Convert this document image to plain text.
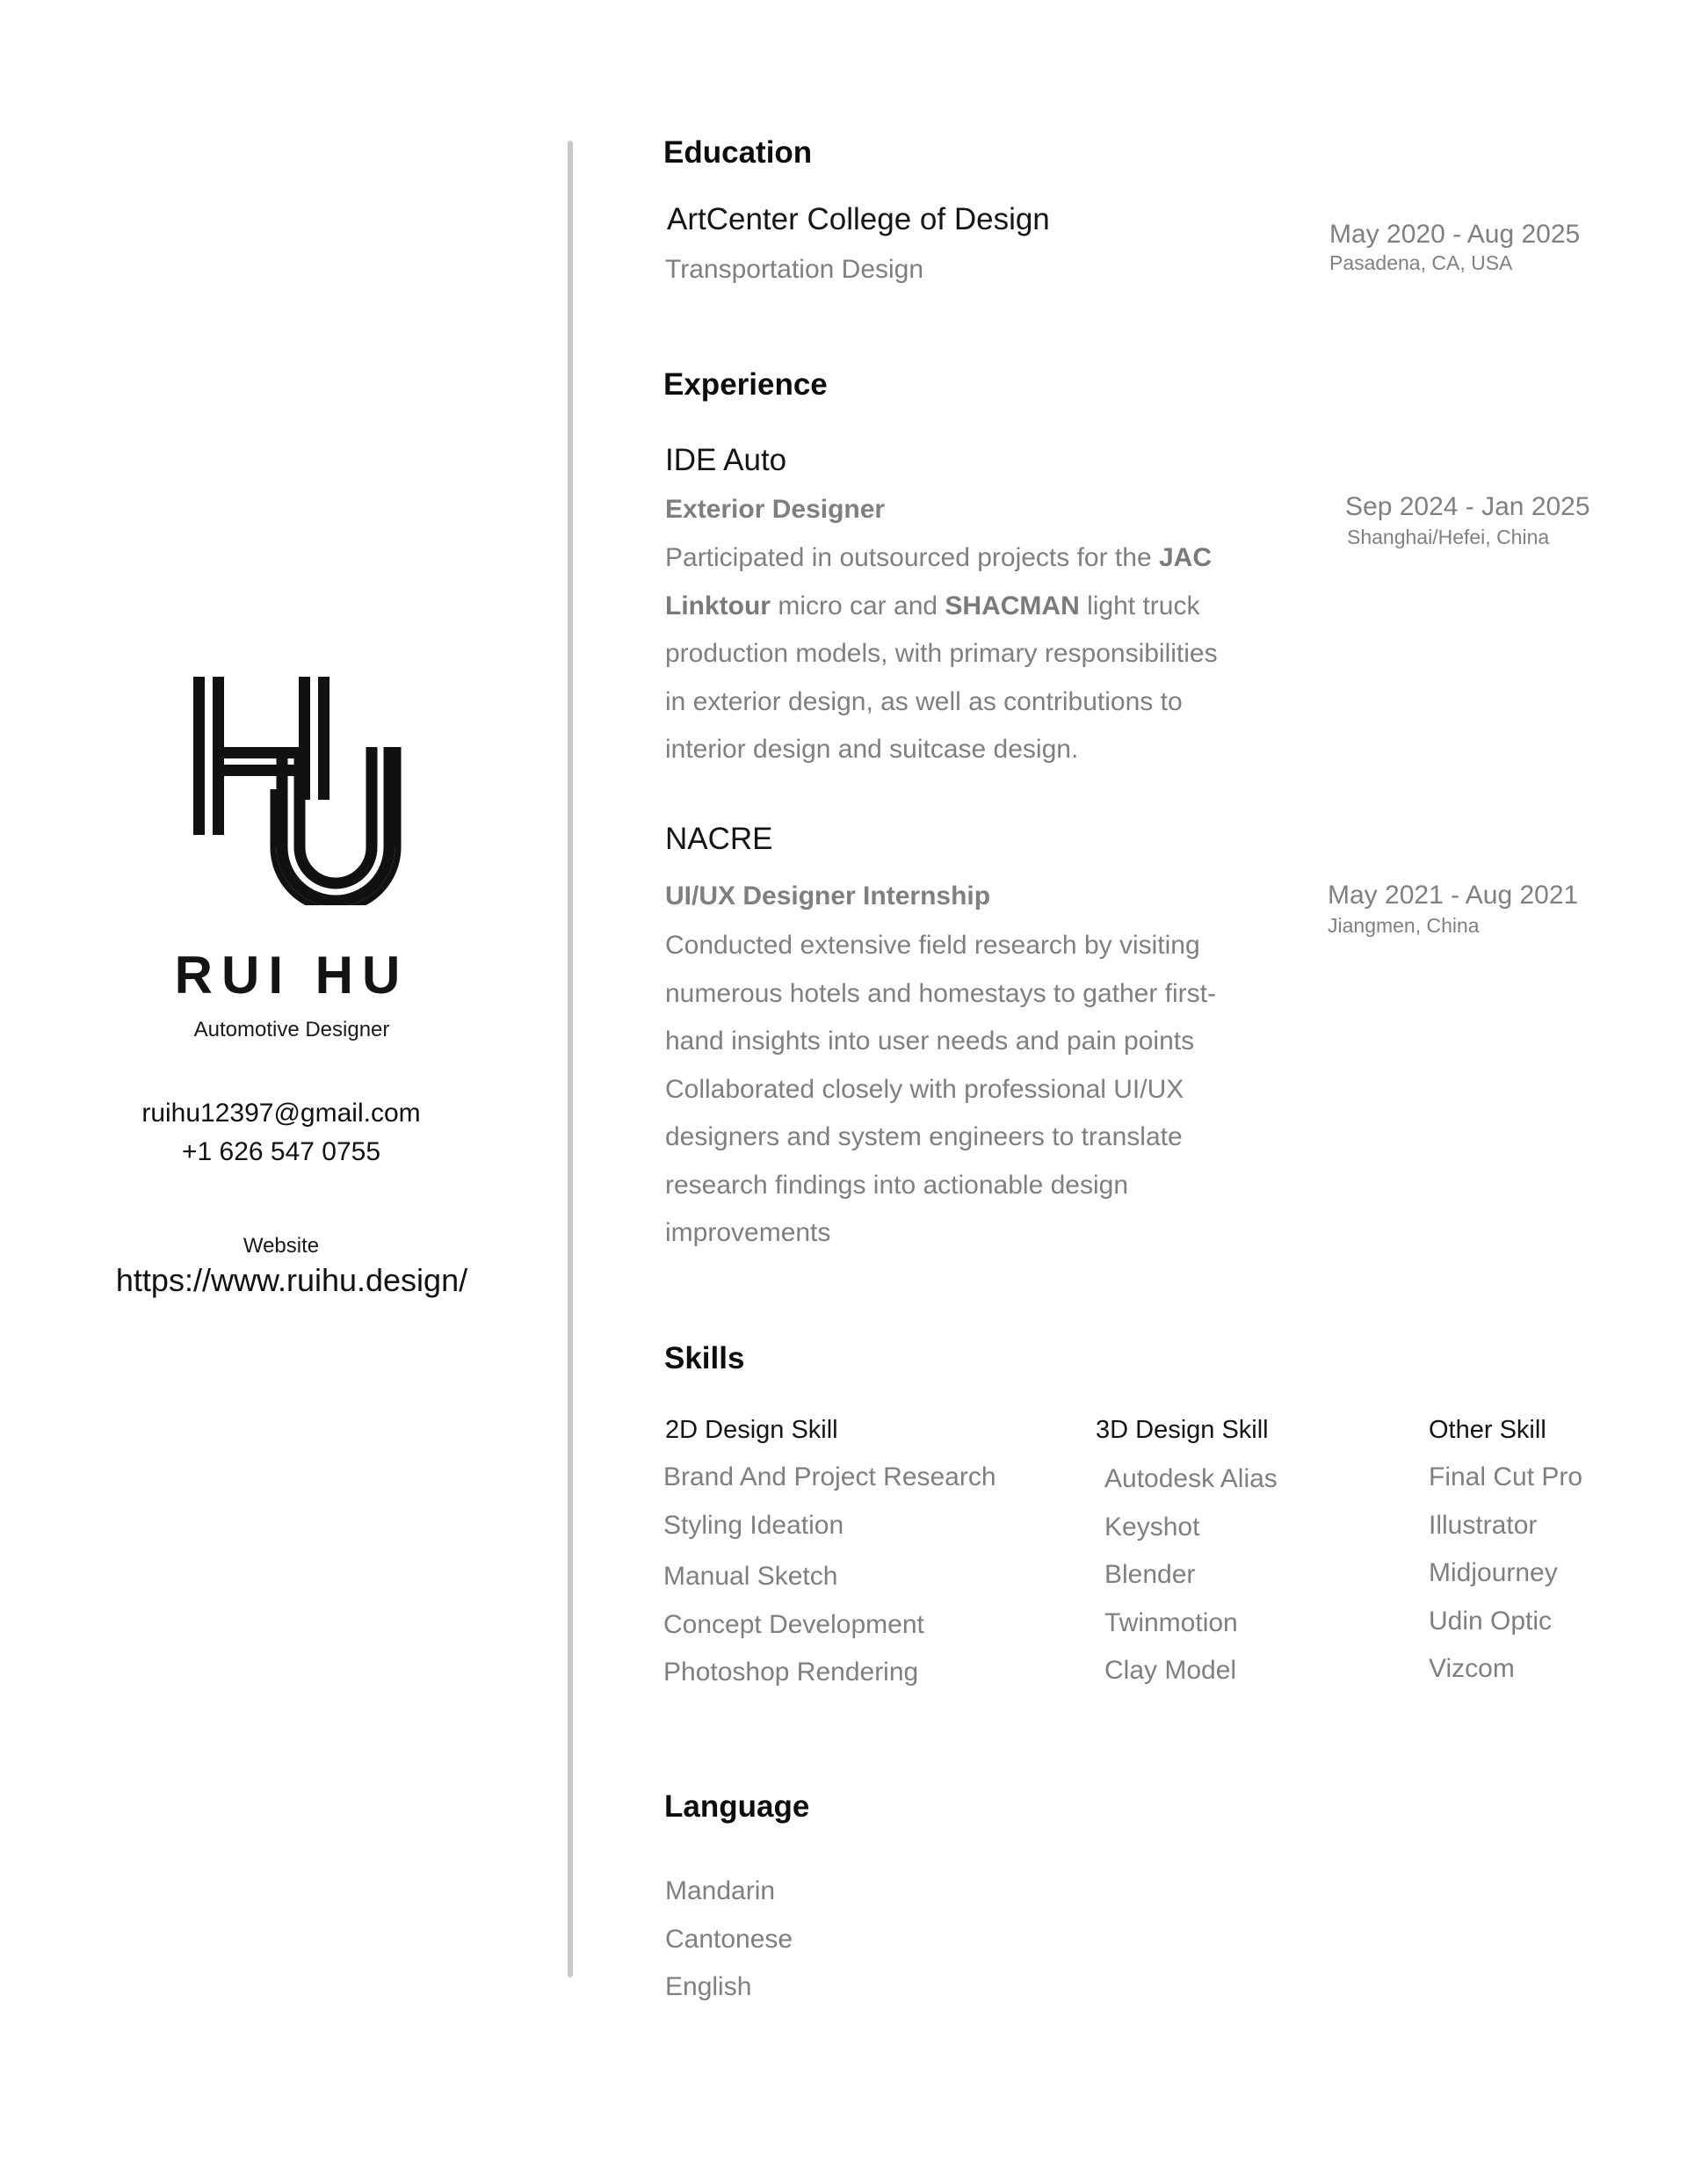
RUI HU
Automotive Designer
ruihu12397@gmail.com
+1 626 547 0755
Website
https://www.ruihu.design/
Education
ArtCenter College of Design
Transportation Design
May 2020 - Aug 2025
Pasadena, CA, USA
Experience
IDE Auto
Exterior Designer	Sep 2024 - Jan 2025
Shanghai/Hefei, China
Participated in outsourced projects for the JAC Linktour micro car and SHACMAN light truck production models, with primary responsibilities in exterior design, as well as contributions to interior design and suitcase design.
NACRE
UI/UX Designer Internship	May 2021 - Aug 2021
Jiangmen, China
Conducted extensive field research by visiting numerous hotels and homestays to gather first-hand insights into user needs and pain points Collaborated closely with professional UI/UX designers and system engineers to translate research findings into actionable design improvements
Skills
2D Design Skill
Brand And Project Research
Styling Ideation
Manual Sketch
Concept Development
Photoshop Rendering
3D Design Skill
Autodesk Alias
Keyshot
Blender
Twinmotion
Clay Model
Other Skill
Final Cut Pro
Illustrator
Midjourney
Udin Optic
Vizcom
Language
Mandarin
Cantonese
English
